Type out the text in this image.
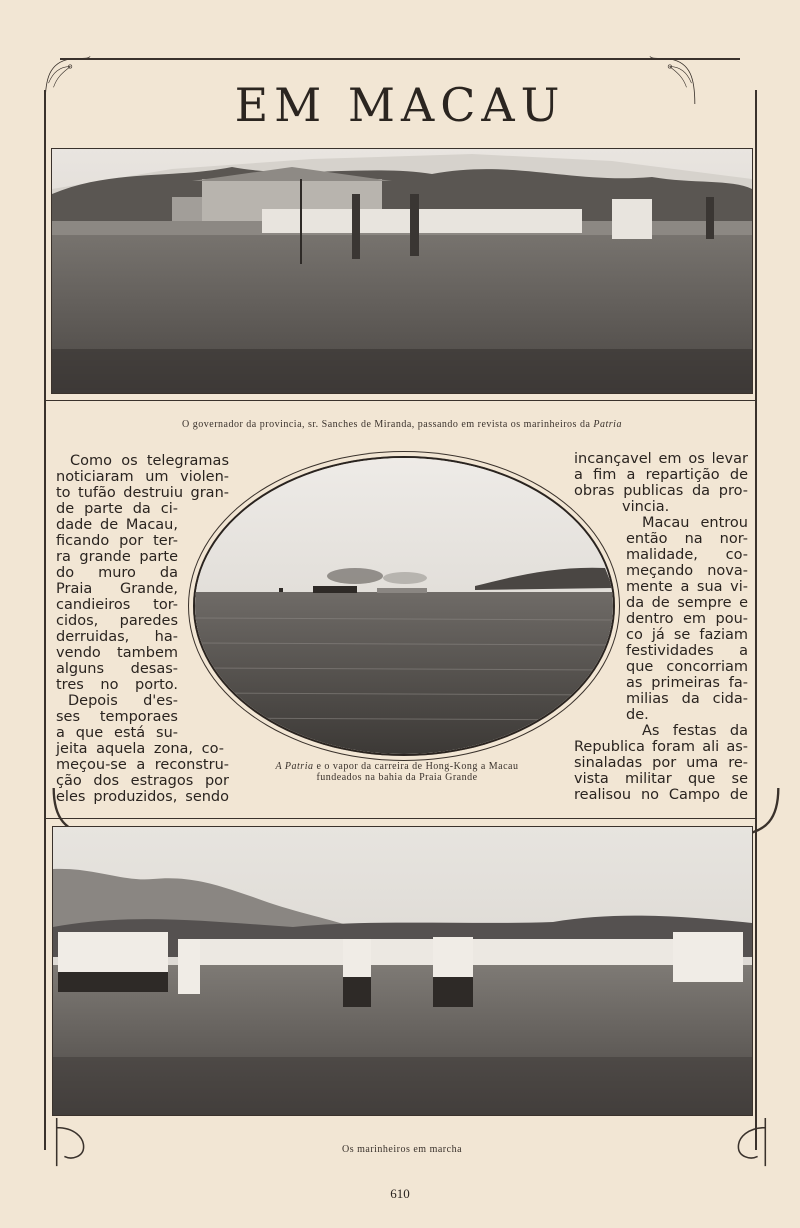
EM MACAU
O governador da provincia, sr. Sanches de Miranda, passando em revista os marinheiros da Patria
Como os telegramas
noticiaram um violen-
to tufão destruiu gran-
de parte da ci-
dade de Macau,
ficando por ter-
ra grande parte
do muro da
Praia Grande,
candieiros tor-
cidos, paredes
derruidas, ha-
vendo tambem
alguns desas-
tres no porto.
Depois d'es-
ses temporaes
a que está su-
jeita aquela zona, co-
meçou-se a reconstru-
ção dos estragos por
eles produzidos, sendo
A Patria e o vapor da carreira de Hong-Kong a Macau
fundeados na bahia da Praia Grande
incançavel em os levar
a fim a repartição de
obras publicas da pro-
vincia.
Macau entrou
então na nor-
malidade, co-
meçando nova-
mente a sua vi-
da de sempre e
dentro em pou-
co já se faziam
festividades a
que concorriam
as primeiras fa-
milias da cida-
de.
As festas da
Republica foram ali as-
sinaladas por uma re-
vista militar que se
realisou no Campo de
Os marinheiros em marcha
610
